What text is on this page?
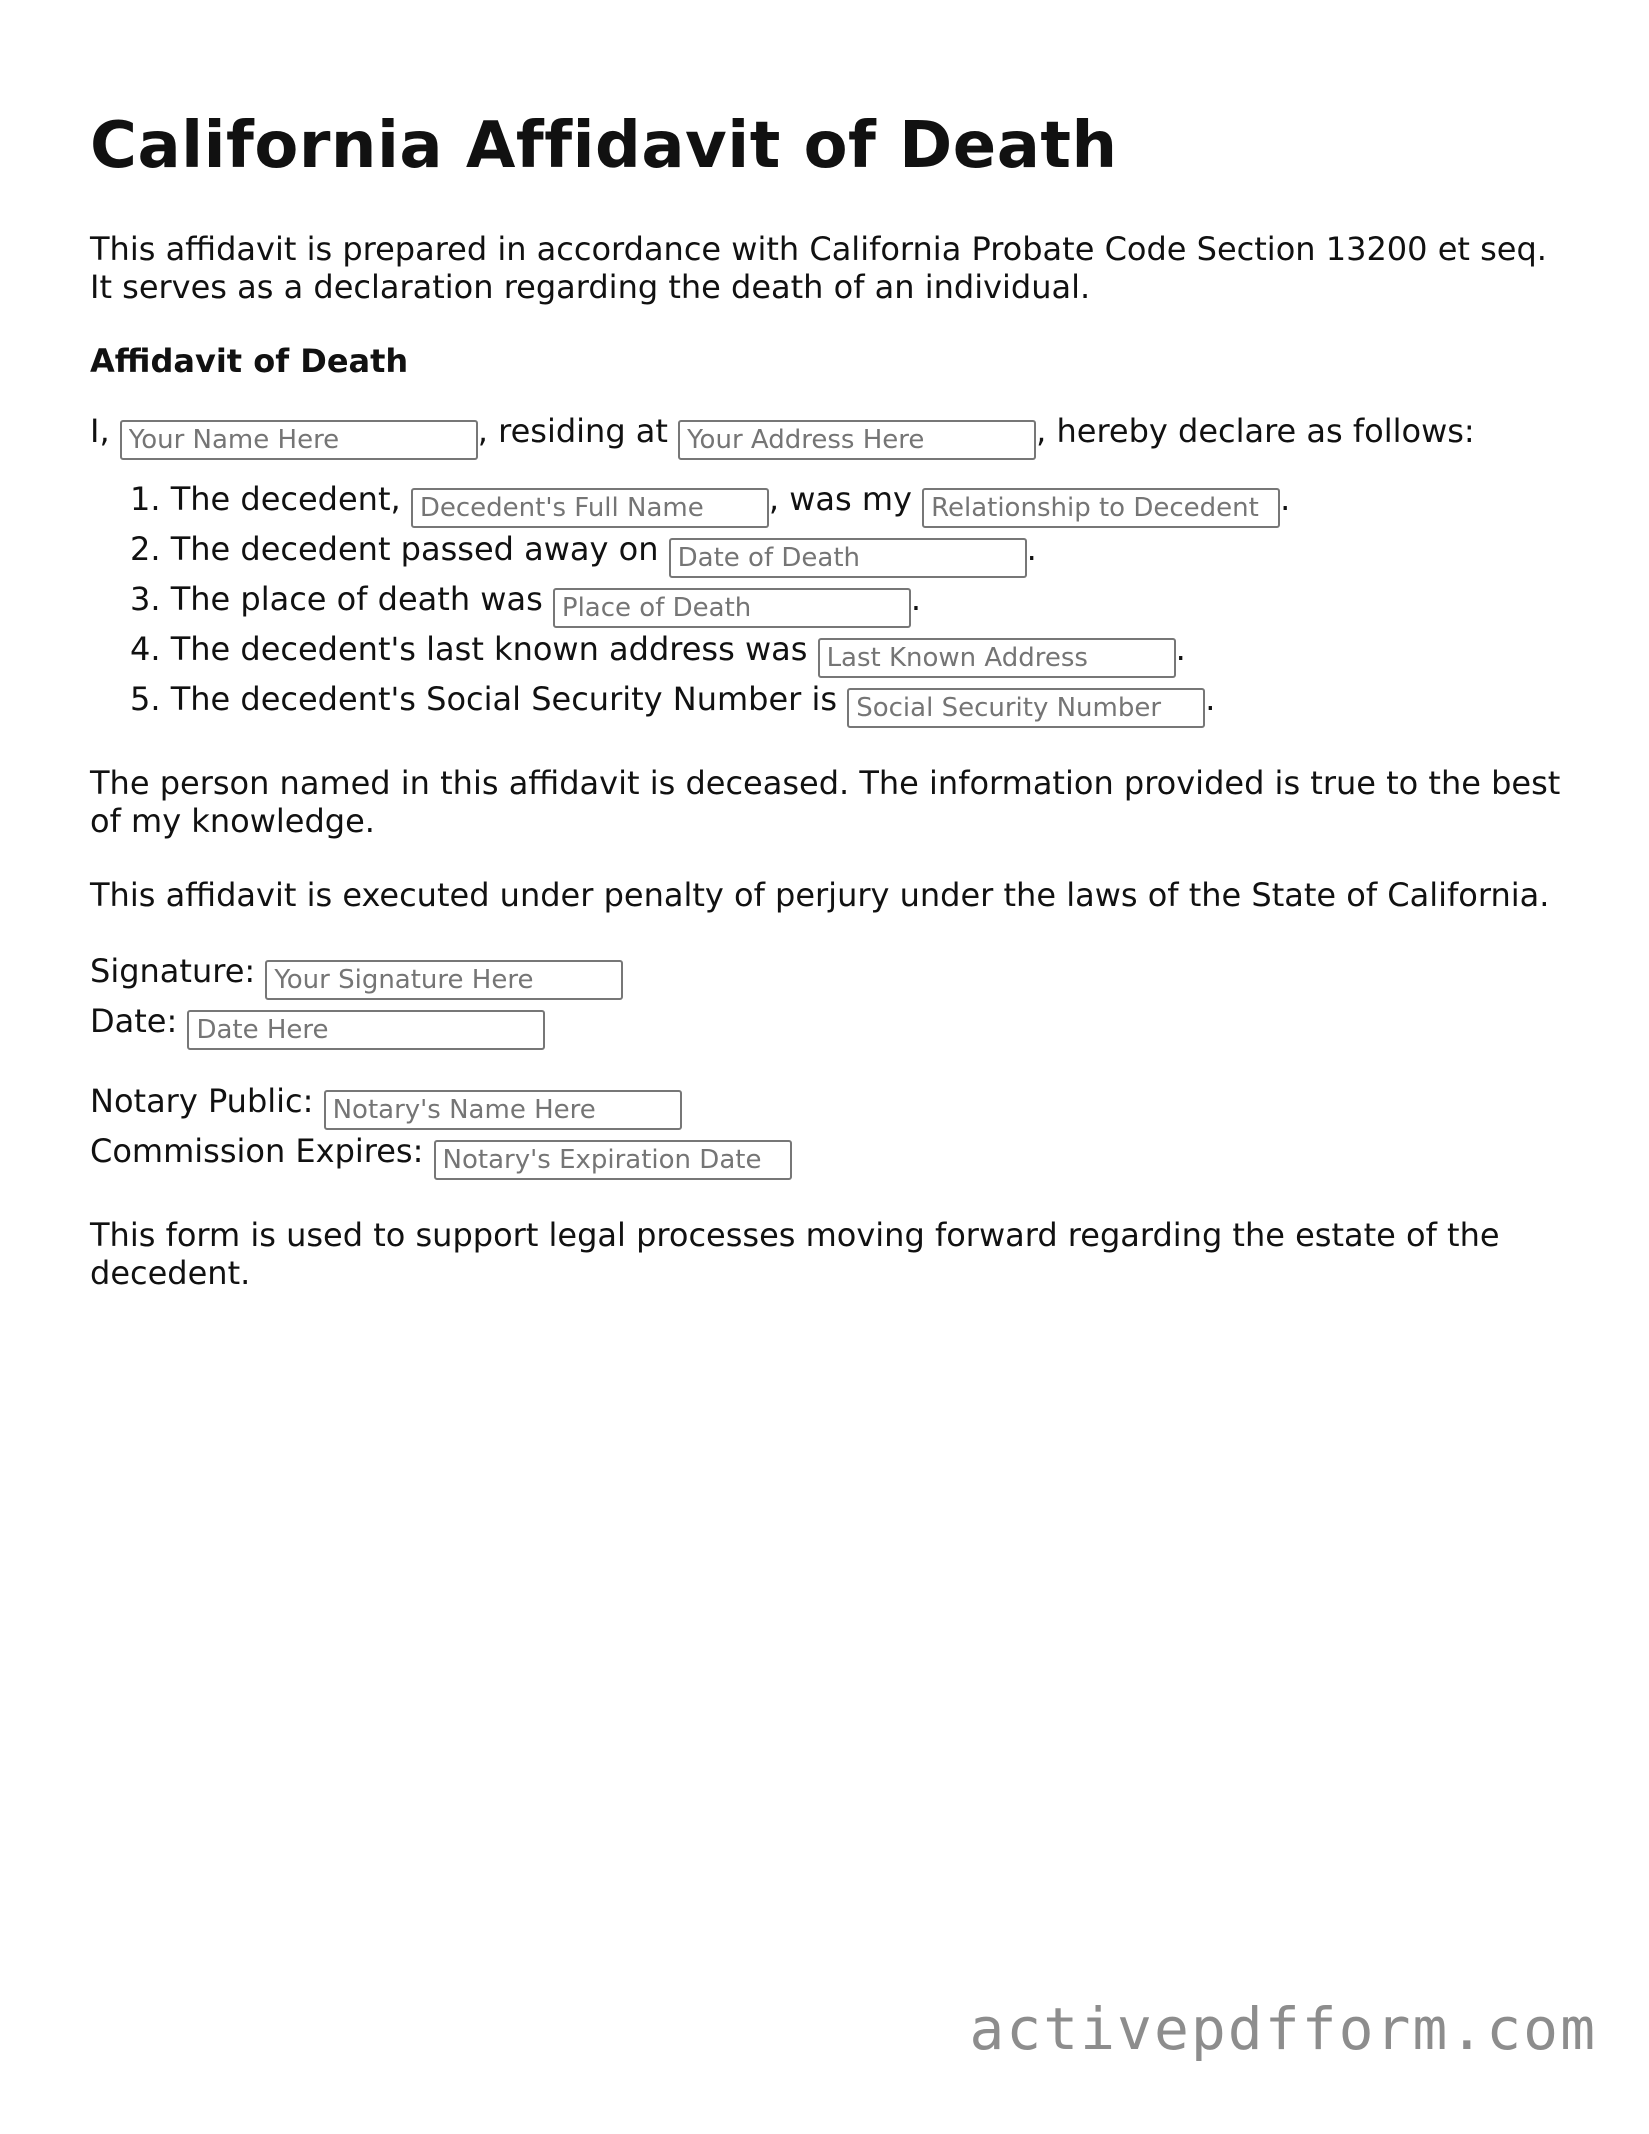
California Affidavit of Death

This affidavit is prepared in accordance with California Probate Code Section 13200 et seq. It serves as a declaration regarding the death of an individual.

Affidavit of Death
I, Your Name Here	, residing at Your Address Here	, hereby declare as follows:
1. The decedent, Decedent's Full Name	, was my Relationship to Decedent	.
2. The decedent passed away on Date of Death	.
3. The place of death was Place of Death	.
4. The decedent's last known address was Last Known Address	.
5. The decedent's Social Security Number is Social Security Number	.

The person named in this affidavit is deceased. The information provided is true to the best of my knowledge.

This affidavit is executed under penalty of perjury under the laws of the State of California.

Signature: Your Signature Here
Date: Date Here
Notary Public: Notary's Name Here
Commission Expires: Notary's Expiration Date

This form is used to support legal processes moving forward regarding the estate of the decedent.

activepdfform.com
